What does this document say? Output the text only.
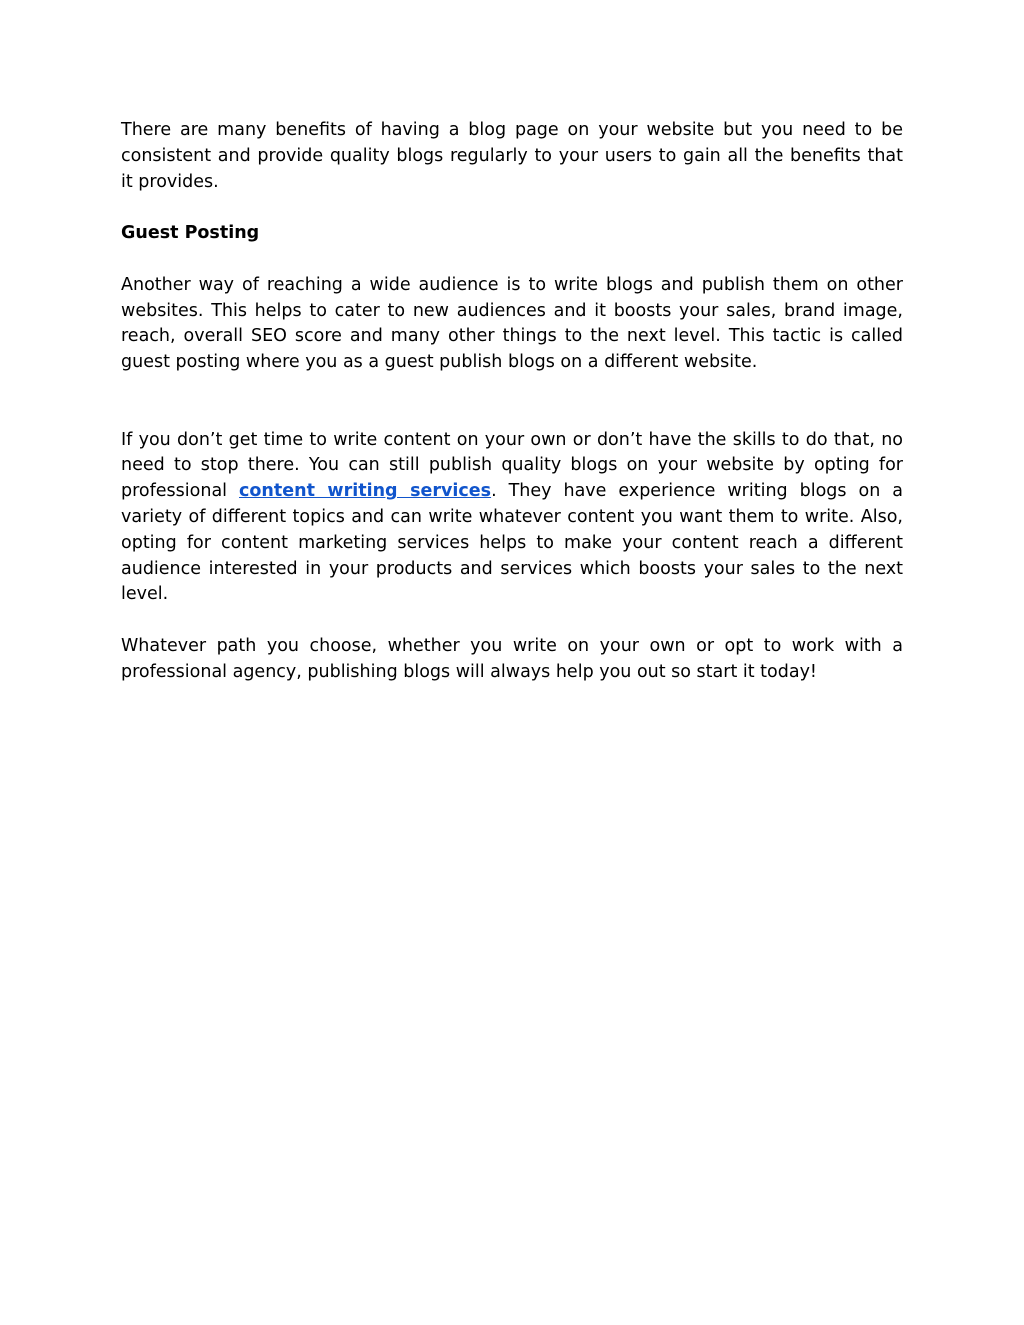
There are many benefits of having a blog page on your website but you need to be consistent and provide quality blogs regularly to your users to gain all the benefits that it provides.

Guest Posting

Another way of reaching a wide audience is to write blogs and publish them on other websites. This helps to cater to new audiences and it boosts your sales, brand image, reach, overall SEO score and many other things to the next level. This tactic is called guest posting where you as a guest publish blogs on a different website.

If you don’t get time to write content on your own or don’t have the skills to do that, no need to stop there. You can still publish quality blogs on your website by opting for professional content writing services. They have experience writing blogs on a variety of different topics and can write whatever content you want them to write. Also, opting for content marketing services helps to make your content reach a different audience interested in your products and services which boosts your sales to the next level.

Whatever path you choose, whether you write on your own or opt to work with a professional agency, publishing blogs will always help you out so start it today!
